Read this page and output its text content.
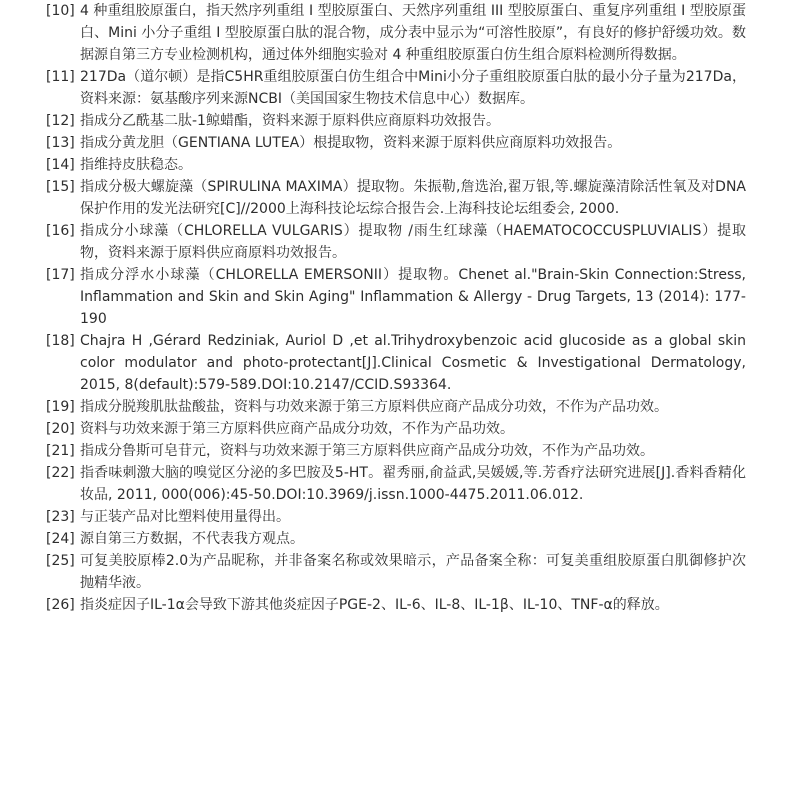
[10] 4 种重组胶原蛋白，指天然序列重组 I 型胶原蛋白、天然序列重组 III 型胶原蛋白、重复序列重组 I 型胶原蛋白、Mini 小分子重组 I 型胶原蛋白肽的混合物，成分表中显示为“可溶性胶原”，有良好的修护舒缓功效。数据源自第三方专业检测机构，通过体外细胞实验对 4 种重组胶原蛋白仿生组合原料检测所得数据。
[11] 217Da（道尔顿）是指C5HR重组胶原蛋白仿生组合中Mini小分子重组胶原蛋白肽的最小分子量为217Da，资料来源：氨基酸序列来源NCBI（美国国家生物技术信息中心）数据库。
[12] 指成分乙酰基二肽-1鲸蜡酯，资料来源于原料供应商原料功效报告。
[13] 指成分黄龙胆（GENTIANA LUTEA）根提取物，资料来源于原料供应商原料功效报告。
[14] 指维持皮肤稳态。
[15] 指成分极大螺旋藻（SPIRULINA MAXIMA）提取物。朱振勒,詹选治,翟万银,等.螺旋藻清除活性氧及对DNA保护作用的发光法研究[C]//2000上海科技论坛综合报告会.上海科技论坛组委会, 2000.
[16] 指成分小球藻（CHLORELLA VULGARIS）提取物 /雨生红球藻（HAEMATOCOCCUSPLUVIALIS）提取物，资料来源于原料供应商原料功效报告。
[17] 指成分浮水小球藻（CHLORELLA EMERSONII）提取物。Chenet al."Brain-Skin Connection:Stress, Inflammation and Skin and Skin Aging" Inflammation & Allergy - Drug Targets, 13 (2014): 177-190
[18] Chajra H ,Gérard Redziniak, Auriol D ,et al.Trihydroxybenzoic acid glucoside as a global skin color modulator and photo-protectant[J].Clinical Cosmetic & Investigational Dermatology, 2015, 8(default):579-589.DOI:10.2147/CCID.S93364.
[19] 指成分脱羧肌肽盐酸盐，资料与功效来源于第三方原料供应商产品成分功效，不作为产品功效。
[20] 资料与功效来源于第三方原料供应商产品成分功效，不作为产品功效。
[21] 指成分鲁斯可皂苷元，资料与功效来源于第三方原料供应商产品成分功效，不作为产品功效。
[22] 指香味刺激大脑的嗅觉区分泌的多巴胺及5-HT。翟秀丽,俞益武,吴媛媛,等.芳香疗法研究进展[J].香料香精化妆品, 2011, 000(006):45-50.DOI:10.3969/j.issn.1000-4475.2011.06.012.
[23] 与正装产品对比塑料使用量得出。
[24] 源自第三方数据，不代表我方观点。
[25] 可复美胶原棒2.0为产品昵称，并非备案名称或效果暗示，产品备案全称：可复美重组胶原蛋白肌御修护次抛精华液。
[26] 指炎症因子IL-1α会导致下游其他炎症因子PGE-2、IL-6、IL-8、IL-1β、IL-10、TNF-α的释放。
